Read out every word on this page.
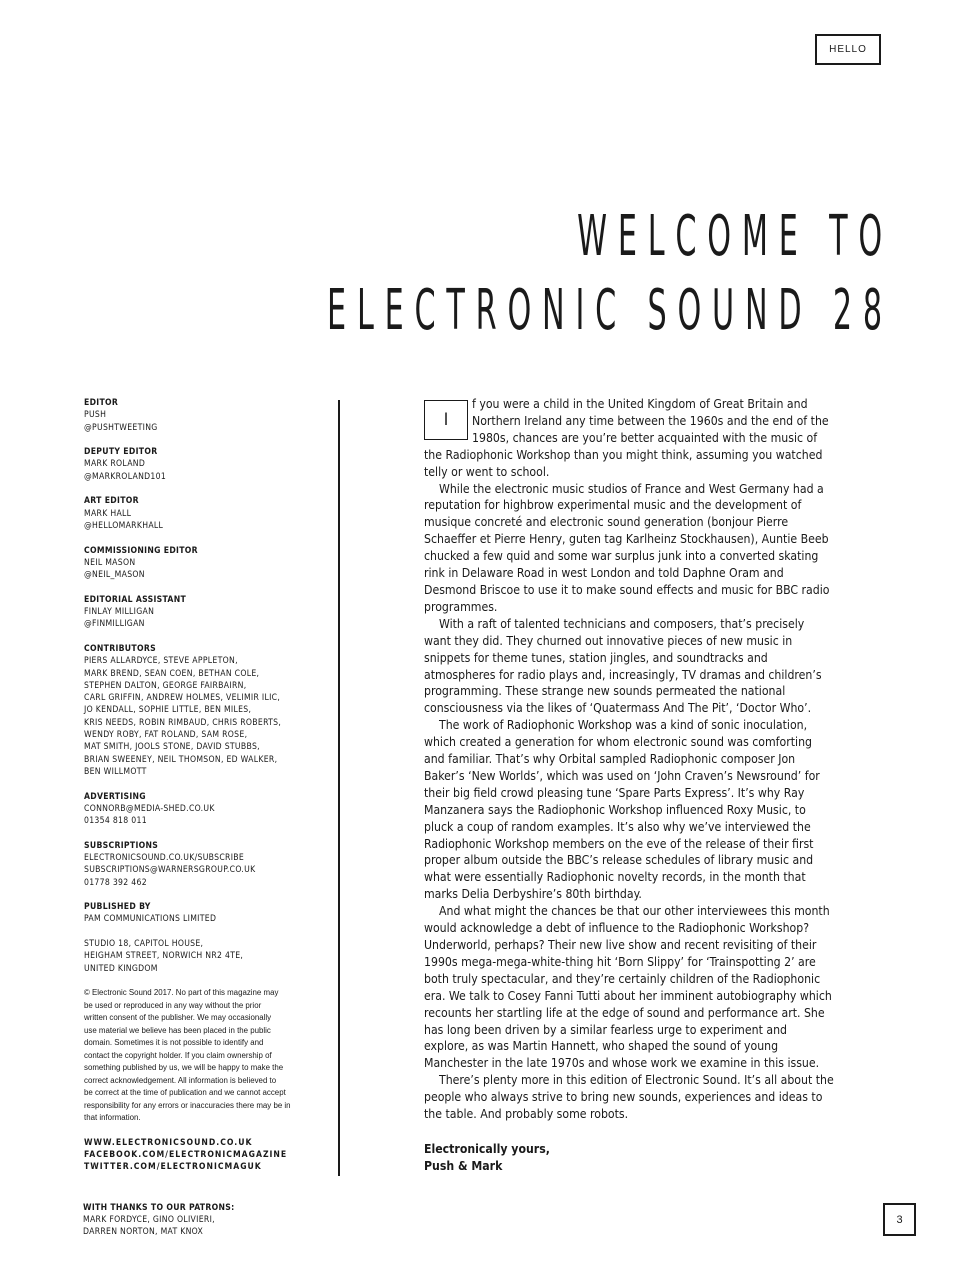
HELLO
WELCOME TO
ELECTRONIC SOUND 28
EDITOR
PUSH
@PUSHTWEETING
DEPUTY EDITOR
MARK ROLAND
@MARKROLAND101
ART EDITOR
MARK HALL
@HELLOMARKHALL
COMMISSIONING EDITOR
NEIL MASON
@NEIL_MASON
EDITORIAL ASSISTANT
FINLAY MILLIGAN
@FINMILLIGAN
CONTRIBUTORS
PIERS ALLARDYCE, STEVE APPLETON,
MARK BREND, SEAN COEN, BETHAN COLE,
STEPHEN DALTON, GEORGE FAIRBAIRN,
CARL GRIFFIN, ANDREW HOLMES, VELIMIR ILIC,
JO KENDALL, SOPHIE LITTLE, BEN MILES,
KRIS NEEDS, ROBIN RIMBAUD, CHRIS ROBERTS,
WENDY ROBY, FAT ROLAND, SAM ROSE,
MAT SMITH, JOOLS STONE, DAVID STUBBS,
BRIAN SWEENEY, NEIL THOMSON, ED WALKER,
BEN WILLMOTT
ADVERTISING
CONNORB@MEDIA-SHED.CO.UK
01354 818 011
SUBSCRIPTIONS
ELECTRONICSOUND.CO.UK/SUBSCRIBE
SUBSCRIPTIONS@WARNERSGROUP.CO.UK
01778 392 462
PUBLISHED BY
PAM COMMUNICATIONS LIMITED
STUDIO 18, CAPITOL HOUSE,
HEIGHAM STREET, NORWICH NR2 4TE,
UNITED KINGDOM
© Electronic Sound 2017. No part of this magazine may
be used or reproduced in any way without the prior
written consent of the publisher. We may occasionally
use material we believe has been placed in the public
domain. Sometimes it is not possible to identify and
contact the copyright holder. If you claim ownership of
something published by us, we will be happy to make the
correct acknowledgement. All information is believed to
be correct at the time of publication and we cannot accept
responsibility for any errors or inaccuracies there may be in
that information.
WWW.ELECTRONICSOUND.CO.UK
FACEBOOK.COM/ELECTRONICMAGAZINE
TWITTER.COM/ELECTRONICMAGUK
WITH THANKS TO OUR PATRONS:
MARK FORDYCE, GINO OLIVIERI,
DARREN NORTON, MAT KNOX

I
f you were a child in the United Kingdom of Great Britain and Northern Ireland any time between the 1960s and the end of the 1980s, chances are you’re better acquainted with the music of the Radiophonic Workshop than you might think, assuming you watched telly or went to school.

While the electronic music studios of France and West Germany had a reputation for highbrow experimental music and the development of musique concreté and electronic sound generation (bonjour Pierre Schaeffer et Pierre Henry, guten tag Karlheinz Stockhausen), Auntie Beeb chucked a few quid and some war surplus junk into a converted skating rink in Delaware Road in west London and told Daphne Oram and Desmond Briscoe to use it to make sound effects and music for BBC radio programmes.

With a raft of talented technicians and composers, that’s precisely want they did. They churned out innovative pieces of new music in snippets for theme tunes, station jingles, and soundtracks and atmospheres for radio plays and, increasingly, TV dramas and children’s programming. These strange new sounds permeated the national consciousness via the likes of ‘Quatermass And The Pit’, ‘Doctor Who’.

The work of Radiophonic Workshop was a kind of sonic inoculation, which created a generation for whom electronic sound was comforting and familiar. That’s why Orbital sampled Radiophonic composer Jon Baker’s ‘New Worlds’, which was used on ‘John Craven’s Newsround’ for their big field crowd pleasing tune ‘Spare Parts Express’. It’s why Ray Manzanera says the Radiophonic Workshop influenced Roxy Music, to pluck a coup of random examples. It’s also why we’ve interviewed the Radiophonic Workshop members on the eve of the release of their first proper album outside the BBC’s release schedules of library music and what were essentially Radiophonic novelty records, in the month that marks Delia Derbyshire’s 80th birthday.

And what might the chances be that our other interviewees this month would acknowledge a debt of influence to the Radiophonic Workshop? Underworld, perhaps? Their new live show and recent revisiting of their 1990s mega-mega-white-thing hit ‘Born Slippy’ for ‘Trainspotting 2’ are both truly spectacular, and they’re certainly children of the Radiophonic era. We talk to Cosey Fanni Tutti about her imminent autobiography which recounts her startling life at the edge of sound and performance art. She has long been driven by a similar fearless urge to experiment and explore, as was Martin Hannett, who shaped the sound of young Manchester in the late 1970s and whose work we examine in this issue.

There’s plenty more in this edition of Electronic Sound. It’s all about the people who always strive to bring new sounds, experiences and ideas to the table. And probably some robots.

Electronically yours,
Push & Mark
3
